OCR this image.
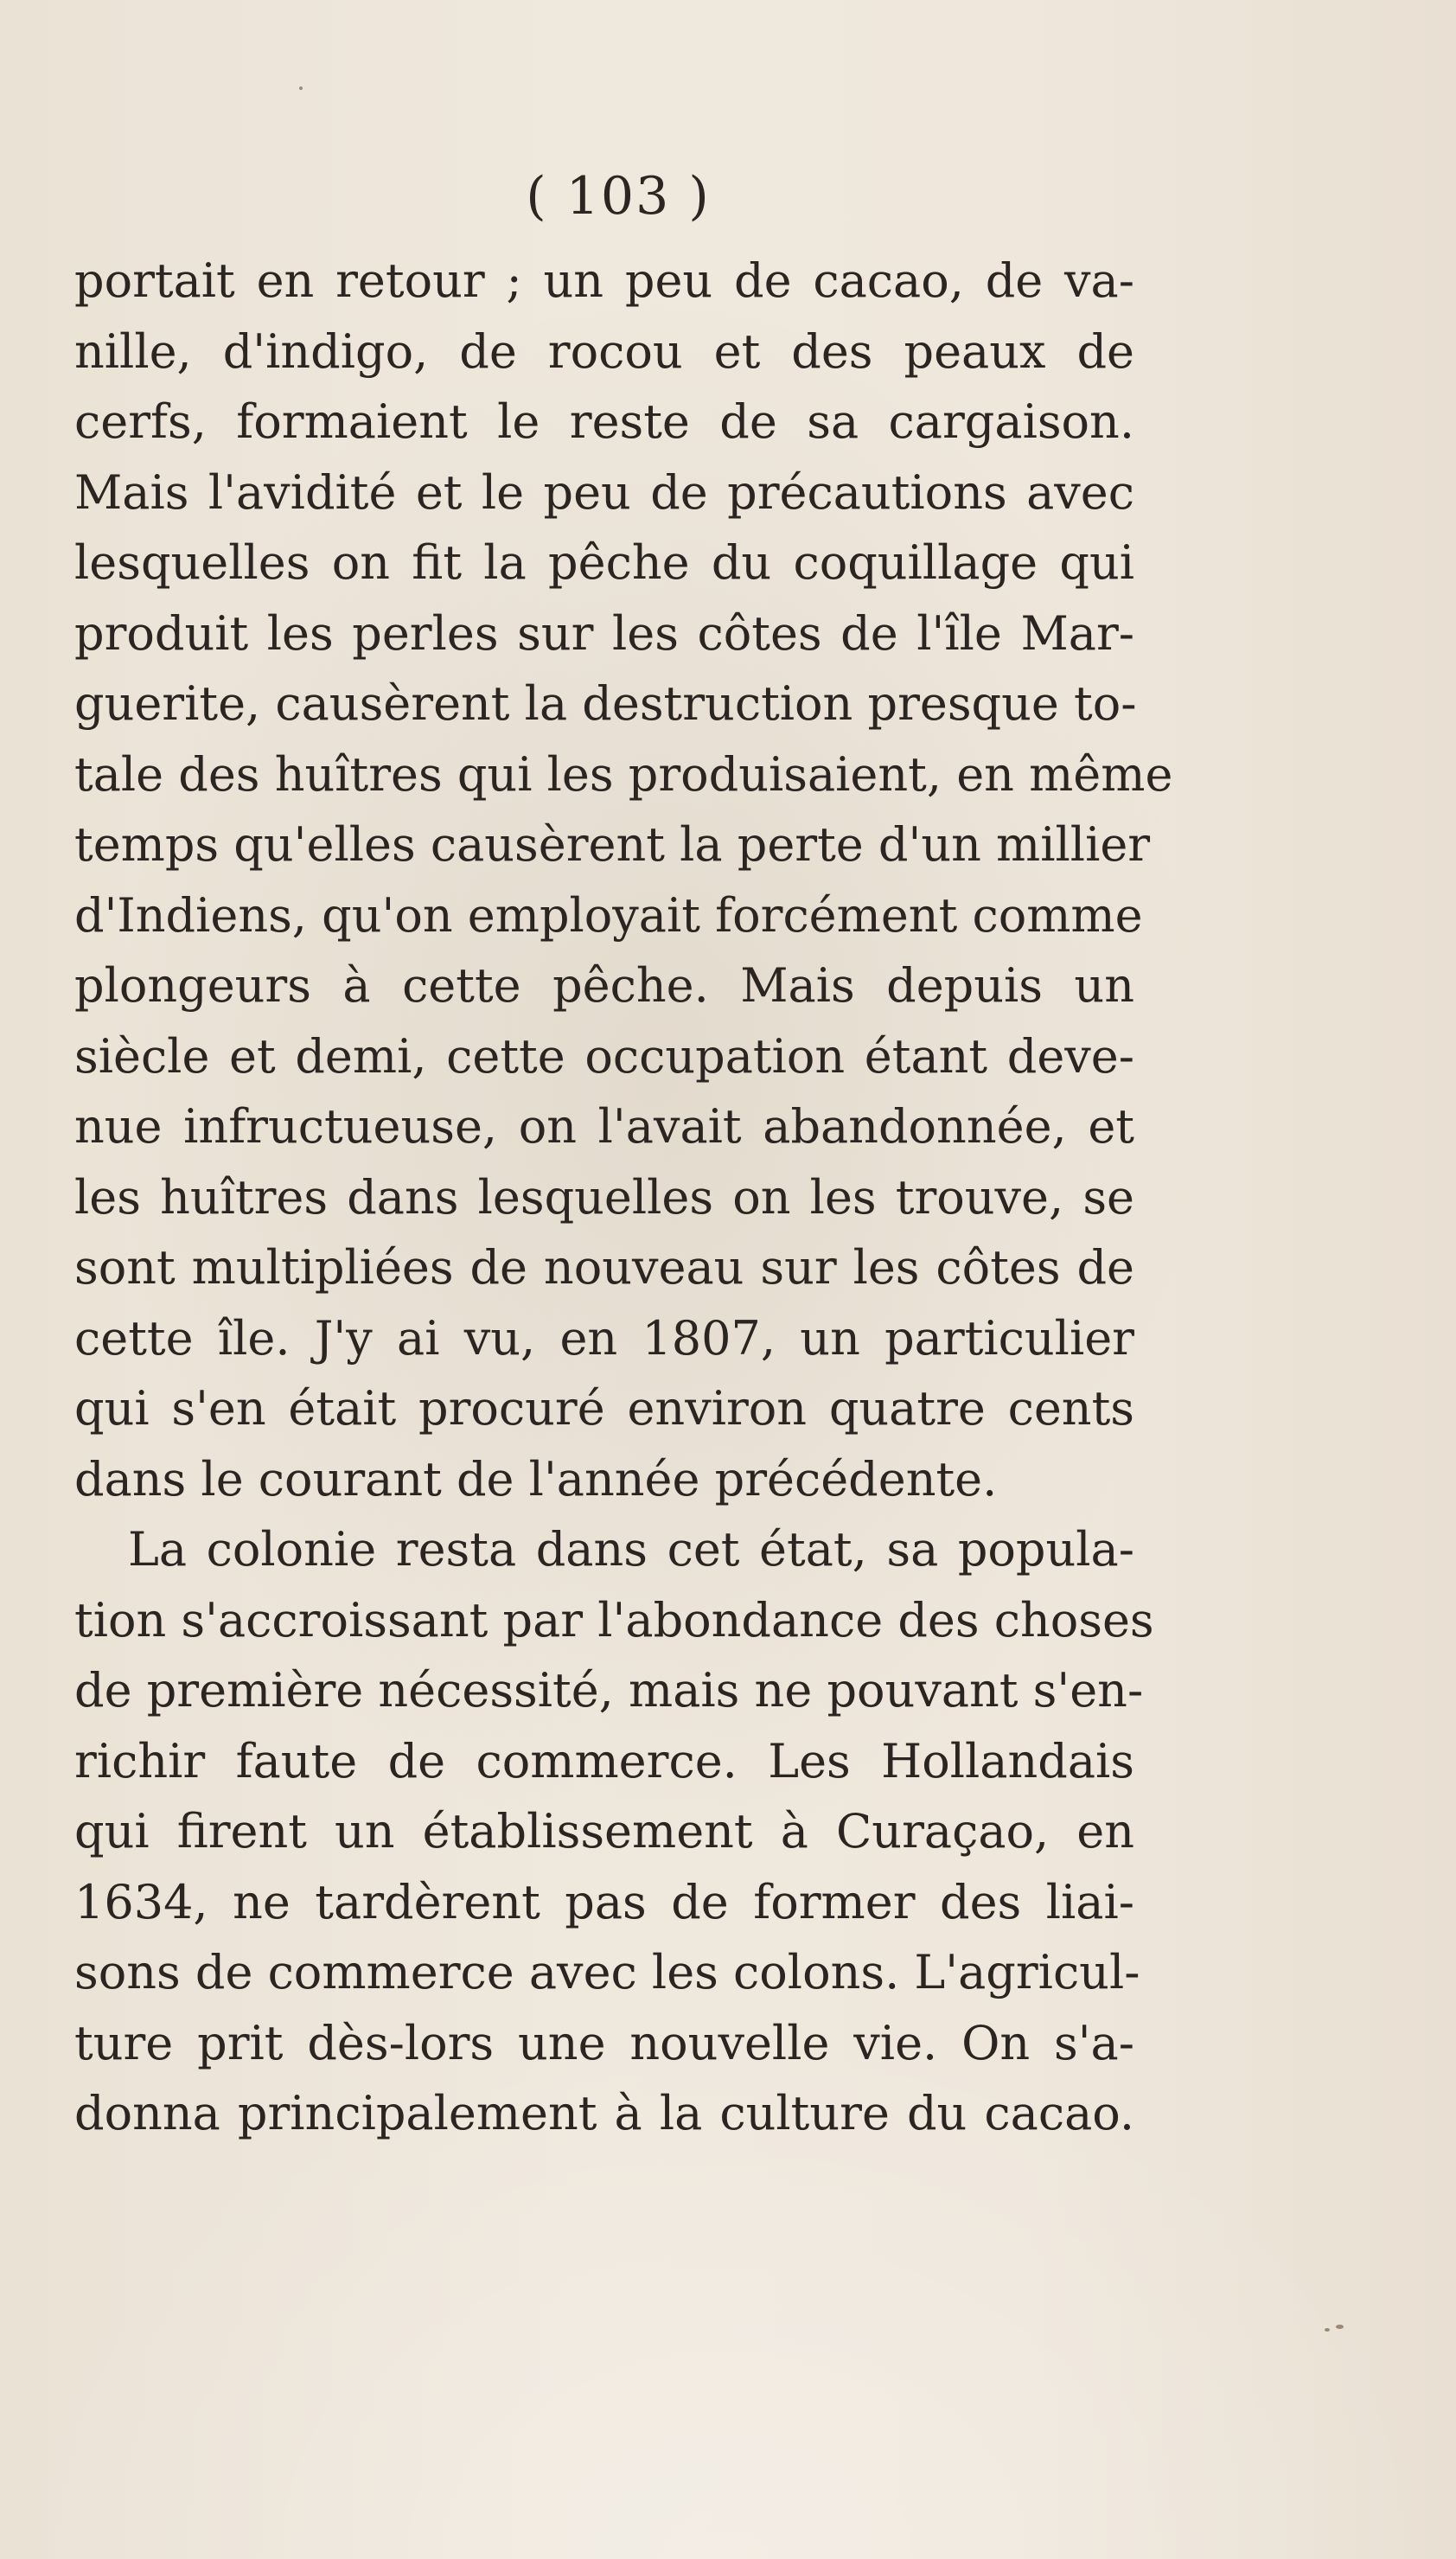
( 103 )
portait en retour ; un peu de cacao, de va-
nille, d'indigo, de rocou et des peaux de
cerfs, formaient le reste de sa cargaison.
Mais l'avidité et le peu de précautions avec
lesquelles on fit la pêche du coquillage qui
produit les perles sur les côtes de l'île Mar-
guerite, causèrent la destruction presque to-
tale des huîtres qui les produisaient, en même
temps qu'elles causèrent la perte d'un millier
d'Indiens, qu'on employait forcément comme
plongeurs à cette pêche. Mais depuis un
siècle et demi, cette occupation étant deve-
nue infructueuse, on l'avait abandonnée, et
les huîtres dans lesquelles on les trouve, se
sont multipliées de nouveau sur les côtes de
cette île. J'y ai vu, en 1807, un particulier
qui s'en était procuré environ quatre cents
dans le courant de l'année précédente.
La colonie resta dans cet état, sa popula-
tion s'accroissant par l'abondance des choses
de première nécessité, mais ne pouvant s'en-
richir faute de commerce. Les Hollandais
qui firent un établissement à Curaçao, en
1634, ne tardèrent pas de former des liai-
sons de commerce avec les colons. L'agricul-
ture prit dès-lors une nouvelle vie. On s'a-
donna principalement à la culture du cacao.
